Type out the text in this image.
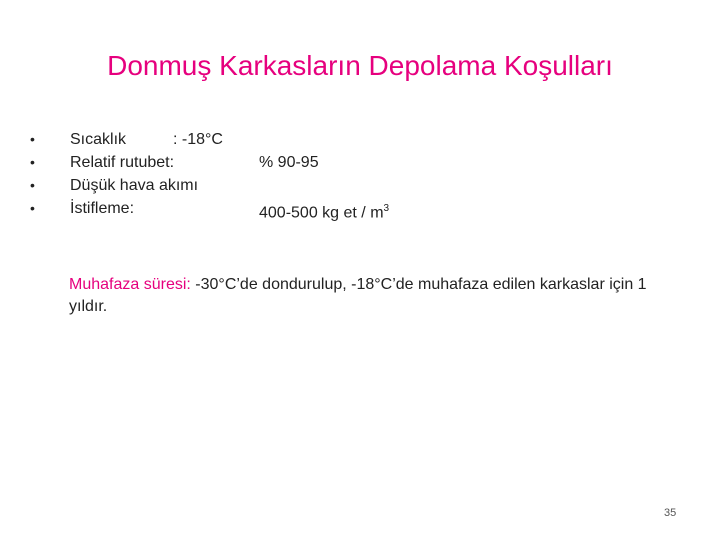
Donmuş Karkasların Depolama Koşulları
• Sıcaklık	: -18°C
• Relatif rutubet:	% 90-95
• Düşük hava akımı
• İstifleme:	400-500 kg et / $m^3$
Muhafaza süresi: -30°C’de dondurulup, -18°C’de muhafaza edilen karkaslar için 1 yıldır.
35
